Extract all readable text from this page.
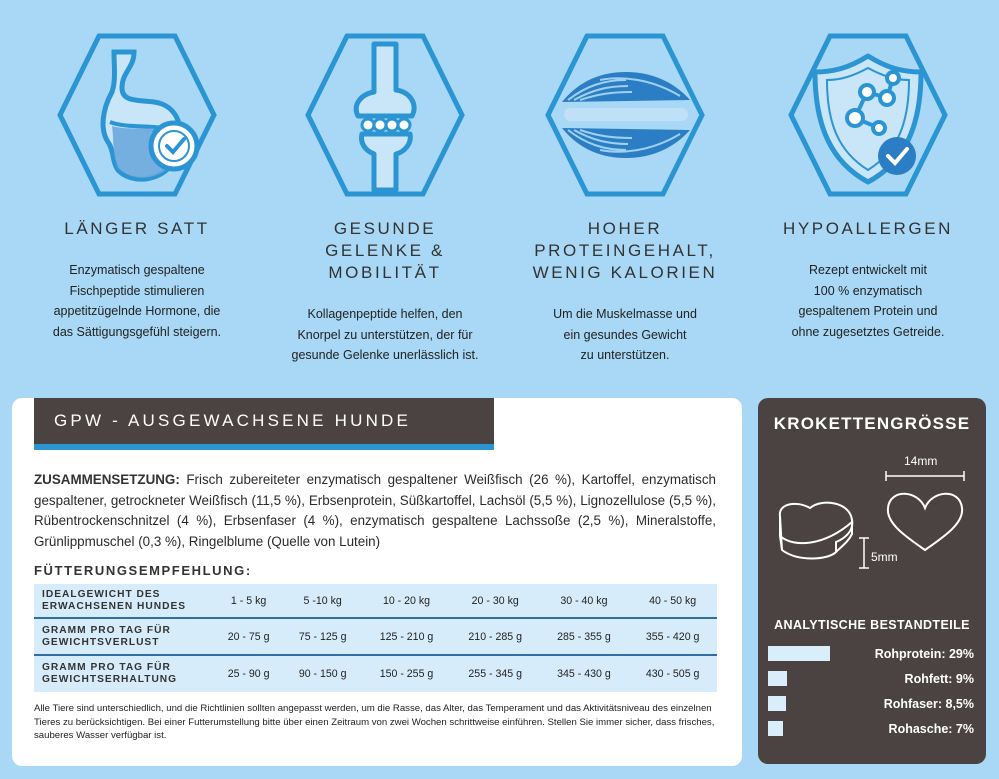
LÄNGER SATT
Enzymatisch gespaltene
Fischpeptide stimulieren
appetitzügelnde Hormone, die
das Sättigungsgefühl steigern.
GESUNDE
GELENKE &
MOBILITÄT
Kollagenpeptide helfen, den
Knorpel zu unterstützen, der für
gesunde Gelenke unerlässlich ist.
HOHER
PROTEINGEHALT,
WENIG KALORIEN
Um die Muskelmasse und
ein gesundes Gewicht
zu unterstützen.
HYPOALLERGEN
Rezept entwickelt mit
100 % enzymatisch
gespaltenem Protein und
ohne zugesetztes Getreide.
GPW - AUSGEWACHSENE HUNDE
ZUSAMMENSETZUNG: Frisch zubereiteter enzymatisch gespaltener Weißfisch (26 %), Kartoffel, enzymatisch gespaltener, getrockneter Weißfisch (11,5 %), Erbsenprotein, Süßkartoffel, Lachsöl (5,5 %), Lignozellulose (5,5 %), Rübentrockenschnitzel (4 %), Erbsenfaser (4 %), enzymatisch gespaltene Lachssoße (2,5 %), Mineralstoffe, Grünlippmuschel (0,3 %), Ringelblume (Quelle von Lutein)
FÜTTERUNGSEMPFEHLUNG:
IDEALGEWICHT DES
ERWACHSENEN HUNDES	1 - 5 kg	5 -10 kg	10 - 20 kg	20 - 30 kg	30 - 40 kg	40 - 50 kg

GRAMM PRO TAG FÜR
GEWICHTSVERLUST	20 - 75 g	75 - 125 g	125 - 210 g	210 - 285 g	285 - 355 g	355 - 420 g

GRAMM PRO TAG FÜR
GEWICHTSERHALTUNG	25 - 90 g	90 - 150 g	150 - 255 g	255 - 345 g	345 - 430 g	430 - 505 g
Alle Tiere sind unterschiedlich, und die Richtlinien sollten angepasst werden, um die Rasse, das Alter, das Temperament und das Aktivitätsniveau des einzelnen Tieres zu berücksichtigen. Bei einer Futterumstellung bitte über einen Zeitraum von zwei Wochen schrittweise einführen. Stellen Sie immer sicher, dass frisches, sauberes Wasser verfügbar ist.
KROKETTENGRÖSSE
14mm
5mm
ANALYTISCHE BESTANDTEILE
Rohprotein: 29%
Rohfett: 9%
Rohfaser: 8,5%
Rohasche: 7%
